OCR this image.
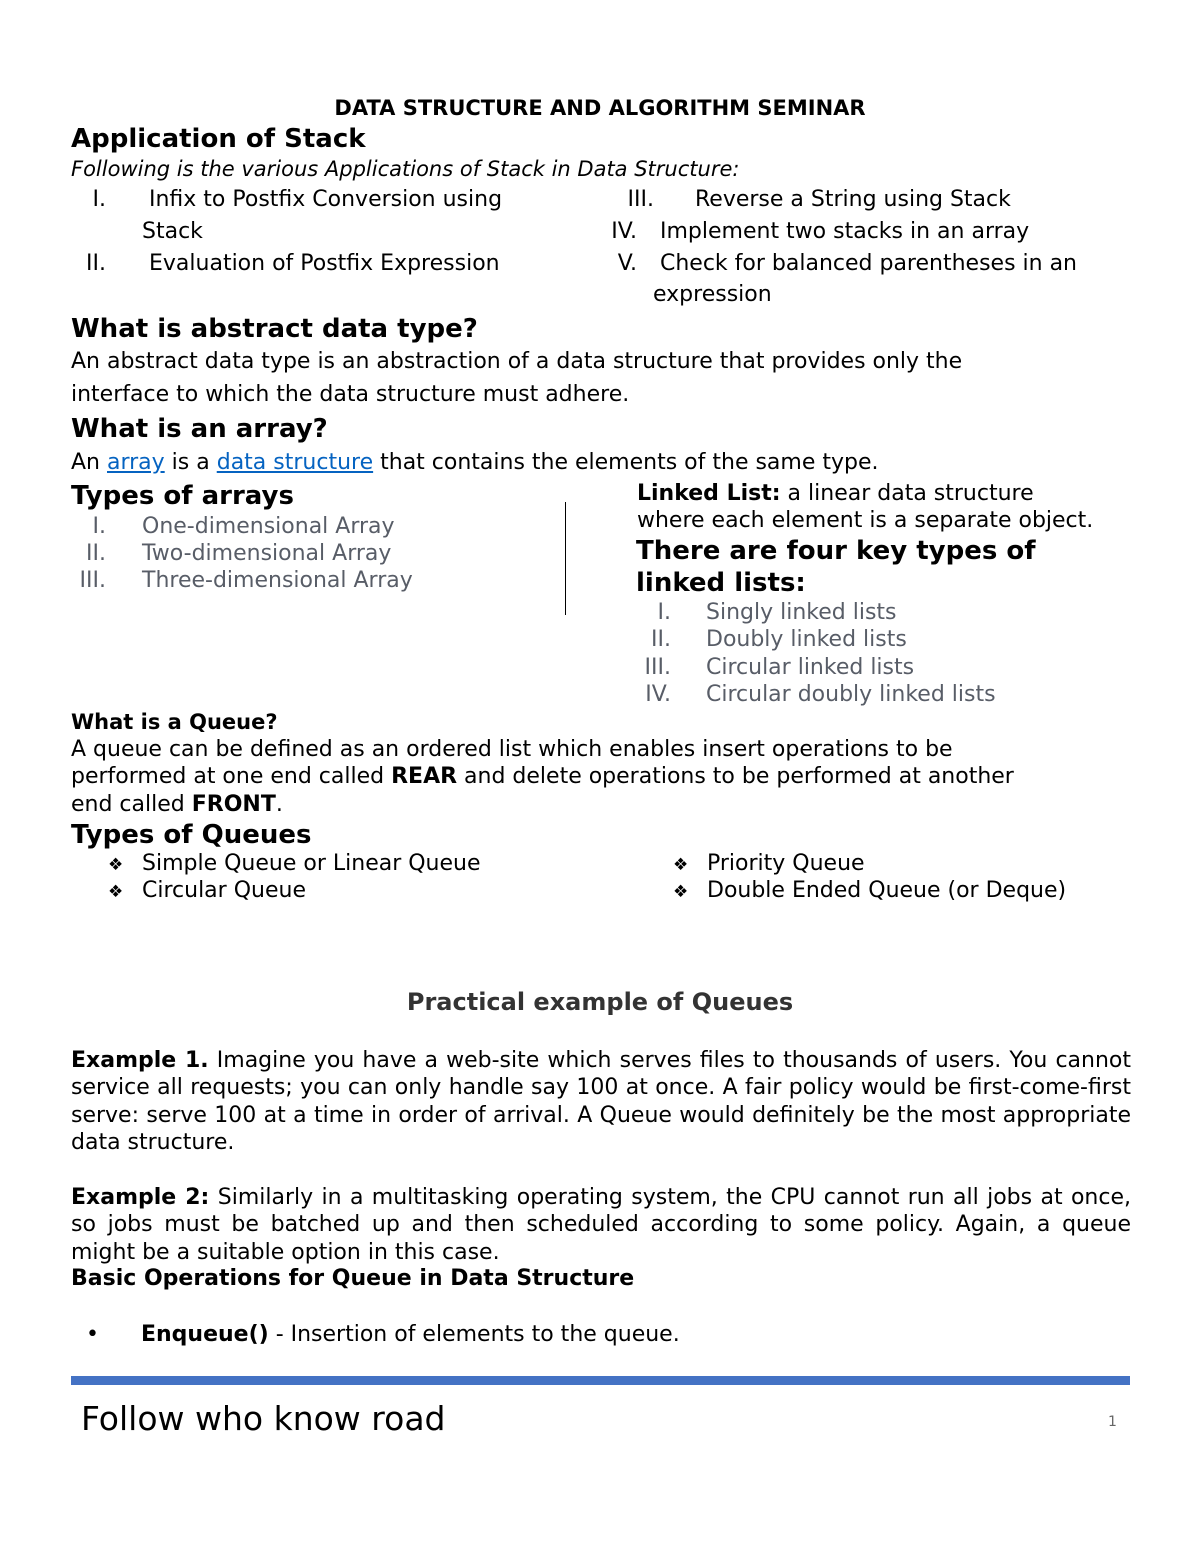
DATA STRUCTURE AND ALGORITHM SEMINAR
Application of Stack
Following is the various Applications of Stack in Data Structure:
I. Infix to Postfix Conversion using
Stack
II. Evaluation of Postfix Expression
III. Reverse a String using Stack
IV. Implement two stacks in an array
V. Check for balanced parentheses in an
expression
What is abstract data type?
An abstract data type is an abstraction of a data structure that provides only the
interface to which the data structure must adhere.
What is an array?
An array is a data structure that contains the elements of the same type.
Types of arrays
I. One-dimensional Array
II. Two-dimensional Array
III. Three-dimensional Array
Linked List: a linear data structure
where each element is a separate object.
There are four key types of
linked lists:
I. Singly linked lists
II. Doubly linked lists
III. Circular linked lists
IV. Circular doubly linked lists
What is a Queue?
A queue can be defined as an ordered list which enables insert operations to be
performed at one end called REAR and delete operations to be performed at another
end called FRONT.
Types of Queues
❖ Simple Queue or Linear Queue
❖ Circular Queue
❖ Priority Queue
❖ Double Ended Queue (or Deque)
Practical example of Queues
Example 1. Imagine you have a web-site which serves files to thousands of users. You cannot service all requests; you can only handle say 100 at once. A fair policy would be first-come-first serve: serve 100 at a time in order of arrival. A Queue would definitely be the most appropriate data structure.
Example 2: Similarly in a multitasking operating system, the CPU cannot run all jobs at once, so jobs must be batched up and then scheduled according to some policy. Again, a queue might be a suitable option in this case.
Basic Operations for Queue in Data Structure
• Enqueue() - Insertion of elements to the queue.
Follow who know road	1
